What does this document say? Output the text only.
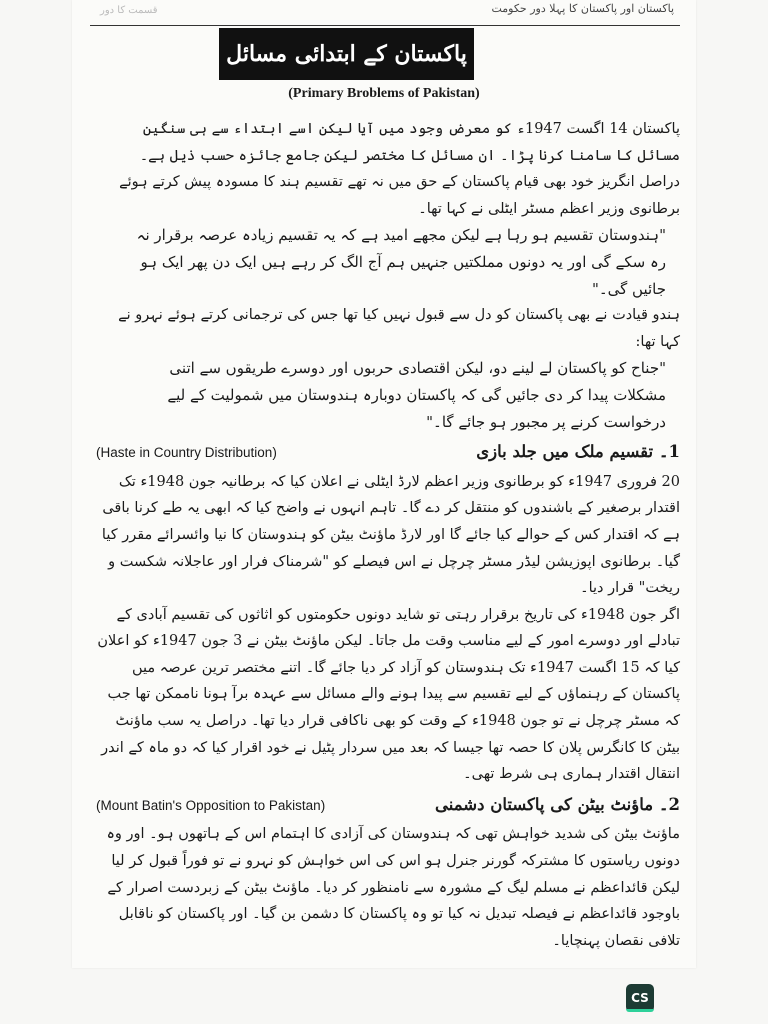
قسمت کا دور	پاکستان اور پاکستان کا پہلا دور حکومت
پاکستان کے ابتدائی مسائل
(Primary Broblems of Pakistan)

پاکستان 14 اگست 1947ء کو معرض وجود میں آیا لیکن اسے ابتداء سے ہی سنگین مسائل کا سامنا کرنا پڑا۔ ان مسائل کا مختصر لیکن جامع جائزہ حسب ذیل ہے۔

دراصل انگریز خود بھی قیام پاکستان کے حق میں نہ تھے تقسیم ہند کا مسودہ پیش کرتے ہوئے برطانوی وزیر اعظم مسٹر ایٹلی نے کہا تھا۔

"ہندوستان تقسیم ہو رہا ہے لیکن مجھے امید ہے کہ یہ تقسیم زیادہ عرصہ برقرار نہ رہ سکے گی اور یہ دونوں مملکتیں جنہیں ہم آج الگ کر رہے ہیں ایک دن پھر ایک ہو جائیں گی۔"

ہندو قیادت نے بھی پاکستان کو دل سے قبول نہیں کیا تھا جس کی ترجمانی کرتے ہوئے نہرو نے کہا تھا:

"جناح کو پاکستان لے لینے دو، لیکن اقتصادی حربوں اور دوسرے طریقوں سے اتنی مشکلات پیدا کر دی جائیں گی کہ پاکستان دوبارہ ہندوستان میں شمولیت کے لیے درخواست کرنے پر مجبور ہو جائے گا۔"

1۔ تقسیم ملک میں جلد بازی
(Haste in Country Distribution)

20 فروری 1947ء کو برطانوی وزیر اعظم لارڈ ایٹلی نے اعلان کیا کہ برطانیہ جون 1948ء تک اقتدار برصغیر کے باشندوں کو منتقل کر دے گا۔ تاہم انہوں نے واضح کیا کہ ابھی یہ طے کرنا باقی ہے کہ اقتدار کس کے حوالے کیا جائے گا اور لارڈ ماؤنٹ بیٹن کو ہندوستان کا نیا وائسرائے مقرر کیا گیا۔ برطانوی اپوزیشن لیڈر مسٹر چرچل نے اس فیصلے کو "شرمناک فرار اور عاجلانہ شکست و ریخت" قرار دیا۔

اگر جون 1948ء کی تاریخ برقرار رہتی تو شاید دونوں حکومتوں کو اثاثوں کی تقسیم آبادی کے تبادلے اور دوسرے امور کے لیے مناسب وقت مل جاتا۔ لیکن ماؤنٹ بیٹن نے 3 جون 1947ء کو اعلان کیا کہ 15 اگست 1947ء تک ہندوستان کو آزاد کر دیا جائے گا۔ اتنے مختصر ترین عرصہ میں پاکستان کے رہنماؤں کے لیے تقسیم سے پیدا ہونے والے مسائل سے عہدہ برآ ہونا ناممکن تھا جب کہ مسٹر چرچل نے تو جون 1948ء کے وقت کو بھی ناکافی قرار دیا تھا۔ دراصل یہ سب ماؤنٹ بیٹن کا کانگرس پلان کا حصہ تھا جیسا کہ بعد میں سردار پٹیل نے خود اقرار کیا کہ دو ماہ کے اندر انتقال اقتدار ہماری ہی شرط تھی۔

2۔ ماؤنٹ بیٹن کی پاکستان دشمنی
(Mount Batin's Opposition to Pakistan)

ماؤنٹ بیٹن کی شدید خواہش تھی کہ ہندوستان کی آزادی کا اہتمام اس کے ہاتھوں ہو۔ اور وہ دونوں ریاستوں کا مشترکہ گورنر جنرل ہو اس کی اس خواہش کو نہرو نے تو فوراً قبول کر لیا لیکن قائداعظم نے مسلم لیگ کے مشورہ سے نامنظور کر دیا۔ ماؤنٹ بیٹن کے زبردست اصرار کے باوجود قائداعظم نے فیصلہ تبدیل نہ کیا تو وہ پاکستان کا دشمن بن گیا۔ اور پاکستان کو ناقابل تلافی نقصان پہنچایا۔

CS
